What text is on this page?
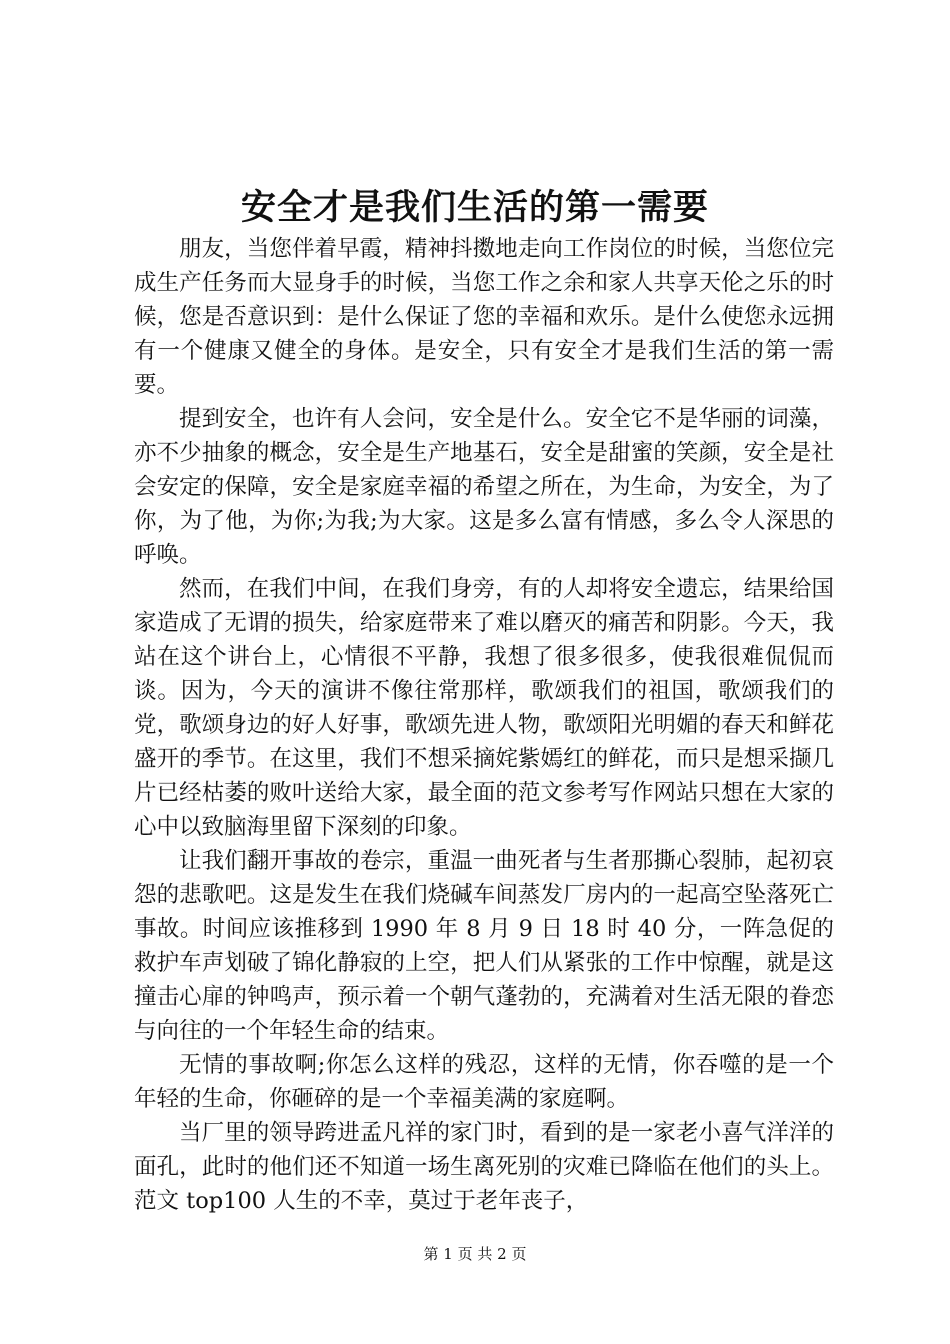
安全才是我们生活的第一需要

朋友，当您伴着早霞，精神抖擞地走向工作岗位的时候，当您位完成生产任务而大显身手的时候，当您工作之余和家人共享天伦之乐的时候，您是否意识到：是什么保证了您的幸福和欢乐。是什么使您永远拥有一个健康又健全的身体。是安全，只有安全才是我们生活的第一需要。

提到安全，也许有人会问，安全是什么。安全它不是华丽的词藻，亦不少抽象的概念，安全是生产地基石，安全是甜蜜的笑颜，安全是社会安定的保障，安全是家庭幸福的希望之所在，为生命，为安全，为了你，为了他，为你;为我;为大家。这是多么富有情感，多么令人深思的呼唤。

然而，在我们中间，在我们身旁，有的人却将安全遗忘，结果给国家造成了无谓的损失，给家庭带来了难以磨灭的痛苦和阴影。今天，我站在这个讲台上，心情很不平静，我想了很多很多，使我很难侃侃而谈。因为，今天的演讲不像往常那样，歌颂我们的祖国，歌颂我们的党，歌颂身边的好人好事，歌颂先进人物，歌颂阳光明媚的春天和鲜花盛开的季节。在这里，我们不想采摘姹紫嫣红的鲜花，而只是想采撷几片已经枯萎的败叶送给大家，最全面的范文参考写作网站只想在大家的心中以致脑海里留下深刻的印象。

让我们翻开事故的卷宗，重温一曲死者与生者那撕心裂肺，起初哀怨的悲歌吧。这是发生在我们烧碱车间蒸发厂房内的一起高空坠落死亡事故。时间应该推移到 1990 年 8 月 9 日 18 时 40 分，一阵急促的救护车声划破了锦化静寂的上空，把人们从紧张的工作中惊醒，就是这撞击心扉的钟鸣声，预示着一个朝气蓬勃的，充满着对生活无限的眷恋与向往的一个年轻生命的结束。

无情的事故啊;你怎么这样的残忍，这样的无情，你吞噬的是一个年轻的生命，你砸碎的是一个幸福美满的家庭啊。

当厂里的领导跨进孟凡祥的家门时，看到的是一家老小喜气洋洋的面孔，此时的他们还不知道一场生离死别的灾难已降临在他们的头上。范文 top100 人生的不幸，莫过于老年丧子，

第 1 页 共 2 页
